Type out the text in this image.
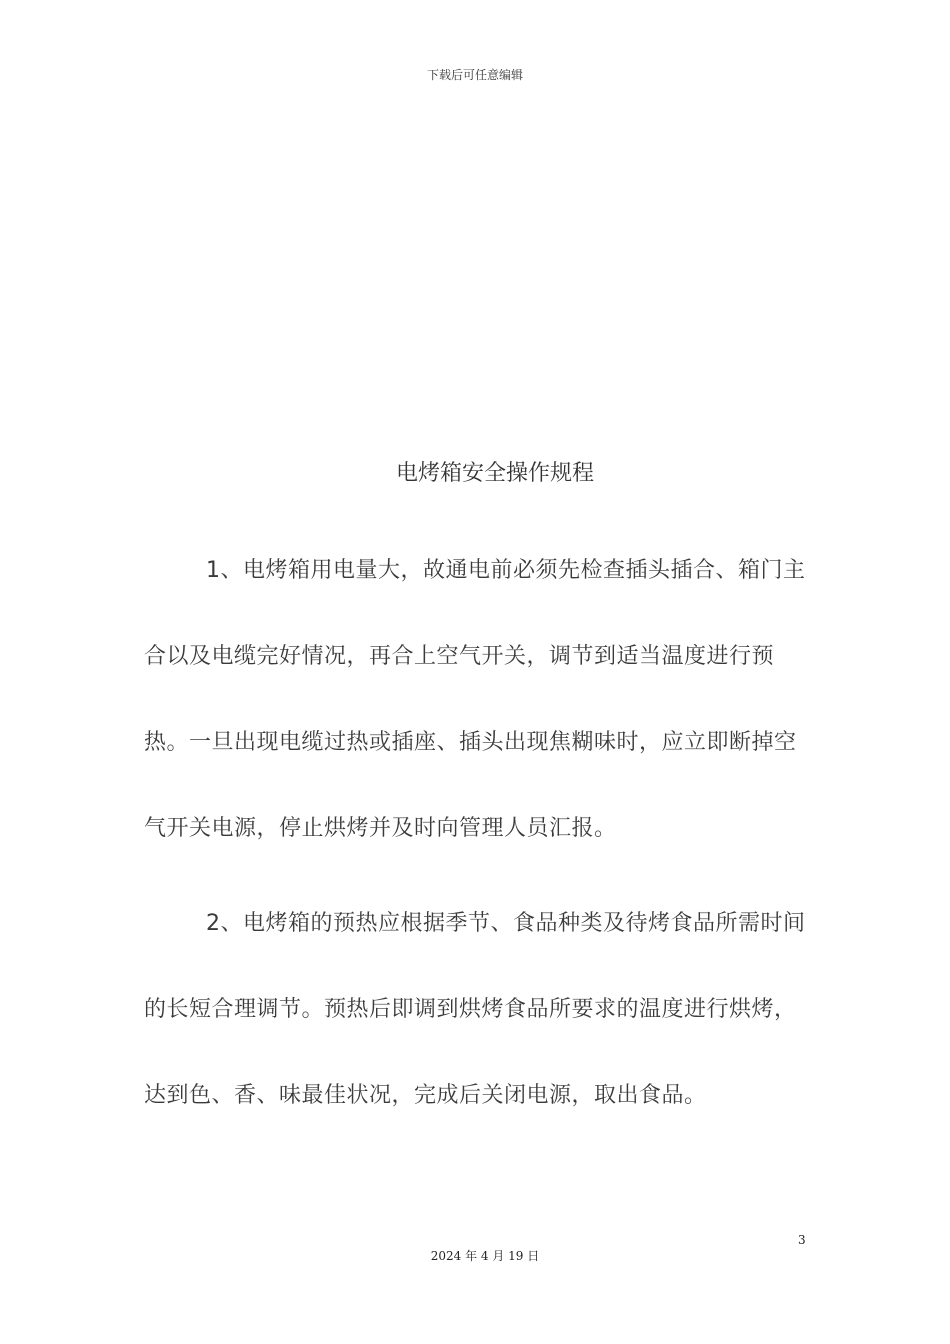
下载后可任意编辑
电烤箱安全操作规程

1、电烤箱用电量大，故通电前必须先检查插头插合、箱门主合以及电缆完好情况，再合上空气开关，调节到适当温度进行预热。一旦出现电缆过热或插座、插头出现焦糊味时，应立即断掉空气开关电源，停止烘烤并及时向管理人员汇报。

2、电烤箱的预热应根据季节、食品种类及待烤食品所需时间的长短合理调节。预热后即调到烘烤食品所要求的温度进行烘烤，达到色、香、味最佳状况，完成后关闭电源，取出食品。

3
2024 年 4 月 19 日
